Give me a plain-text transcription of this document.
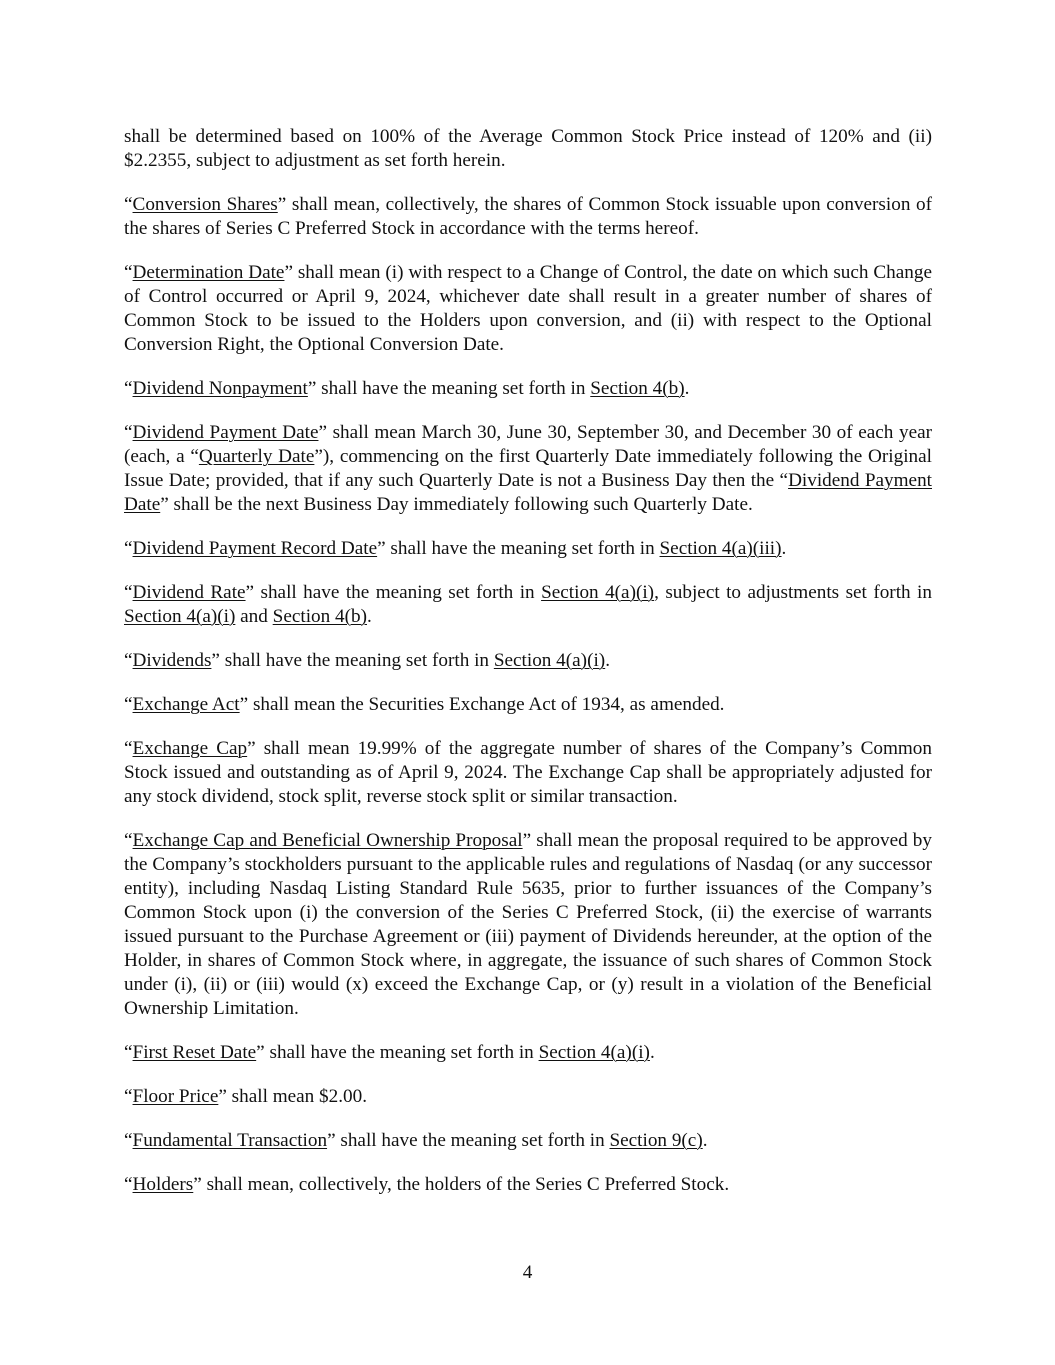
shall be determined based on 100% of the Average Common Stock Price instead of 120% and (ii) $2.2355, subject to adjustment as set forth herein.

“Conversion Shares” shall mean, collectively, the shares of Common Stock issuable upon conversion of the shares of Series C Preferred Stock in accordance with the terms hereof.

“Determination Date” shall mean (i) with respect to a Change of Control, the date on which such Change of Control occurred or April 9, 2024, whichever date shall result in a greater number of shares of Common Stock to be issued to the Holders upon conversion, and (ii) with respect to the Optional Conversion Right, the Optional Conversion Date.

“Dividend Nonpayment” shall have the meaning set forth in Section 4(b).

“Dividend Payment Date” shall mean March 30, June 30, September 30, and December 30 of each year (each, a “Quarterly Date”), commencing on the first Quarterly Date immediately following the Original Issue Date; provided, that if any such Quarterly Date is not a Business Day then the “Dividend Payment Date” shall be the next Business Day immediately following such Quarterly Date.

“Dividend Payment Record Date” shall have the meaning set forth in Section 4(a)(iii).

“Dividend Rate” shall have the meaning set forth in Section 4(a)(i), subject to adjustments set forth in Section 4(a)(i) and Section 4(b).

“Dividends” shall have the meaning set forth in Section 4(a)(i).

“Exchange Act” shall mean the Securities Exchange Act of 1934, as amended.

“Exchange Cap” shall mean 19.99% of the aggregate number of shares of the Company’s Common Stock issued and outstanding as of April 9, 2024. The Exchange Cap shall be appropriately adjusted for any stock dividend, stock split, reverse stock split or similar transaction.

“Exchange Cap and Beneficial Ownership Proposal” shall mean the proposal required to be approved by the Company’s stockholders pursuant to the applicable rules and regulations of Nasdaq (or any successor entity), including Nasdaq Listing Standard Rule 5635, prior to further issuances of the Company’s Common Stock upon (i) the conversion of the Series C Preferred Stock, (ii) the exercise of warrants issued pursuant to the Purchase Agreement or (iii) payment of Dividends hereunder, at the option of the Holder, in shares of Common Stock where, in aggregate, the issuance of such shares of Common Stock under (i), (ii) or (iii) would (x) exceed the Exchange Cap, or (y) result in a violation of the Beneficial Ownership Limitation.

“First Reset Date” shall have the meaning set forth in Section 4(a)(i).

“Floor Price” shall mean $2.00.

“Fundamental Transaction” shall have the meaning set forth in Section 9(c).

“Holders” shall mean, collectively, the holders of the Series C Preferred Stock.

4
